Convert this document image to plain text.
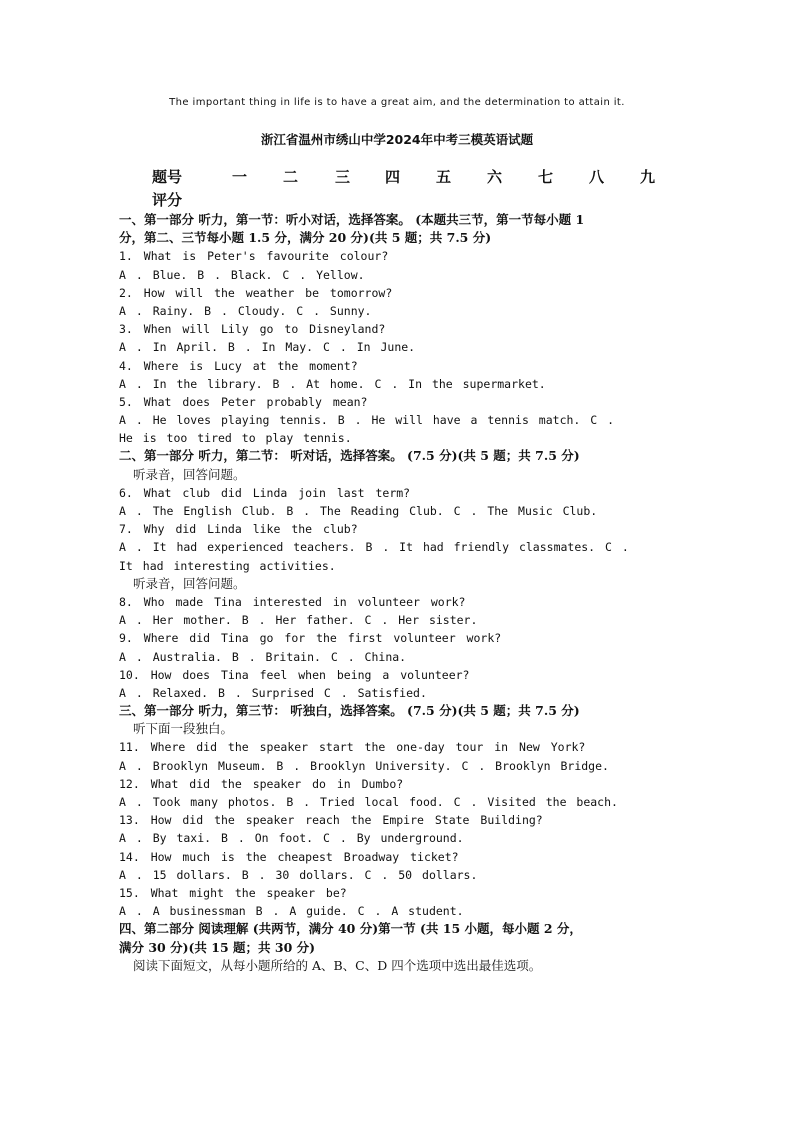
The important thing in life is to have a great aim, and the determination to attain it.
浙江省温州市绣山中学2024年中考三模英语试题
题号	一 二 三 四 五 六 七 八 九
评分
一、第一部分 听力，第一节：听小对话，选择答案。 (本题共三节，第一节每小题 1
分，第二、三节每小题 1.5 分，满分 20 分)(共 5 题；共 7.5 分)
1. What is Peter's favourite colour?
A . Blue. B . Black. C . Yellow.
2. How will the weather be tomorrow?
A . Rainy. B . Cloudy. C . Sunny.
3. When will Lily go to Disneyland?
A . In April. B . In May. C . In June.
4. Where is Lucy at the moment?
A . In the library. B . At home. C . In the supermarket.
5. What does Peter probably mean?
A . He loves playing tennis. B . He will have a tennis match. C .
He is too tired to play tennis.
二、第一部分 听力，第二节： 听对话，选择答案。 (7.5 分)(共 5 题；共 7.5 分)
听录音，回答问题。
6. What club did Linda join last term?
A . The English Club. B . The Reading Club. C . The Music Club.
7. Why did Linda like the club?
A . It had experienced teachers. B . It had friendly classmates. C .
It had interesting activities.
听录音，回答问题。
8. Who made Tina interested in volunteer work?
A . Her mother. B . Her father. C . Her sister.
9. Where did Tina go for the first volunteer work?
A . Australia. B . Britain. C . China.
10. How does Tina feel when being a volunteer?
A . Relaxed. B . Surprised C . Satisfied.
三、第一部分 听力，第三节： 听独白，选择答案。 (7.5 分)(共 5 题；共 7.5 分)
听下面一段独白。
11. Where did the speaker start the one-day tour in New York?
A . Brooklyn Museum. B . Brooklyn University. C . Brooklyn Bridge.
12. What did the speaker do in Dumbo?
A . Took many photos. B . Tried local food. C . Visited the beach.
13. How did the speaker reach the Empire State Building?
A . By taxi. B . On foot. C . By underground.
14. How much is the cheapest Broadway ticket?
A . 15 dollars. B . 30 dollars. C . 50 dollars.
15. What might the speaker be?
A . A businessman B . A guide. C . A student.
四、第二部分 阅读理解 (共两节，满分 40 分)第一节 (共 15 小题，每小题 2 分，
满分 30 分)(共 15 题；共 30 分)
阅读下面短文，从每小题所给的 A、B、C、D 四个选项中选出最佳选项。
